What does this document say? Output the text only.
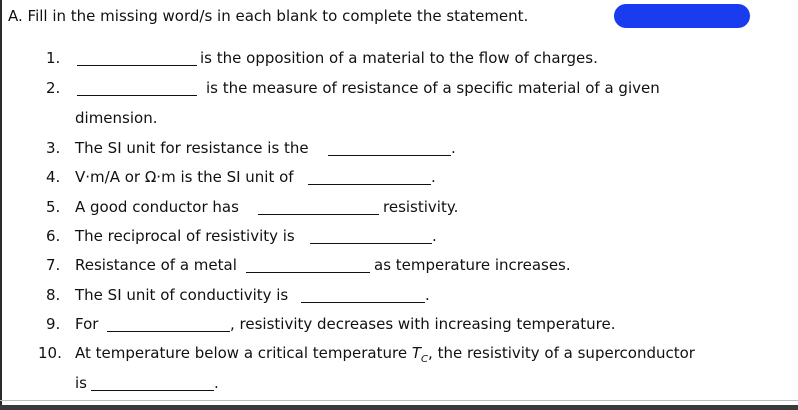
A. Fill in the missing word/s in each blank to complete the statement.
1.	is the opposition of a material to the flow of charges.
2.	is the measure of resistance of a specific material of a given
dimension.
3. The SI unit for resistance is the	.
4. V·m/A or Ω·m is the SI unit of	.
5. A good conductor has	resistivity.
6. The reciprocal of resistivity is	.
7. Resistance of a metal	as temperature increases.
8. The SI unit of conductivity is	.
9. For	, resistivity decreases with increasing temperature.
10. At temperature below a critical temperature $T_C$, the resistivity of a superconductor
is	.
